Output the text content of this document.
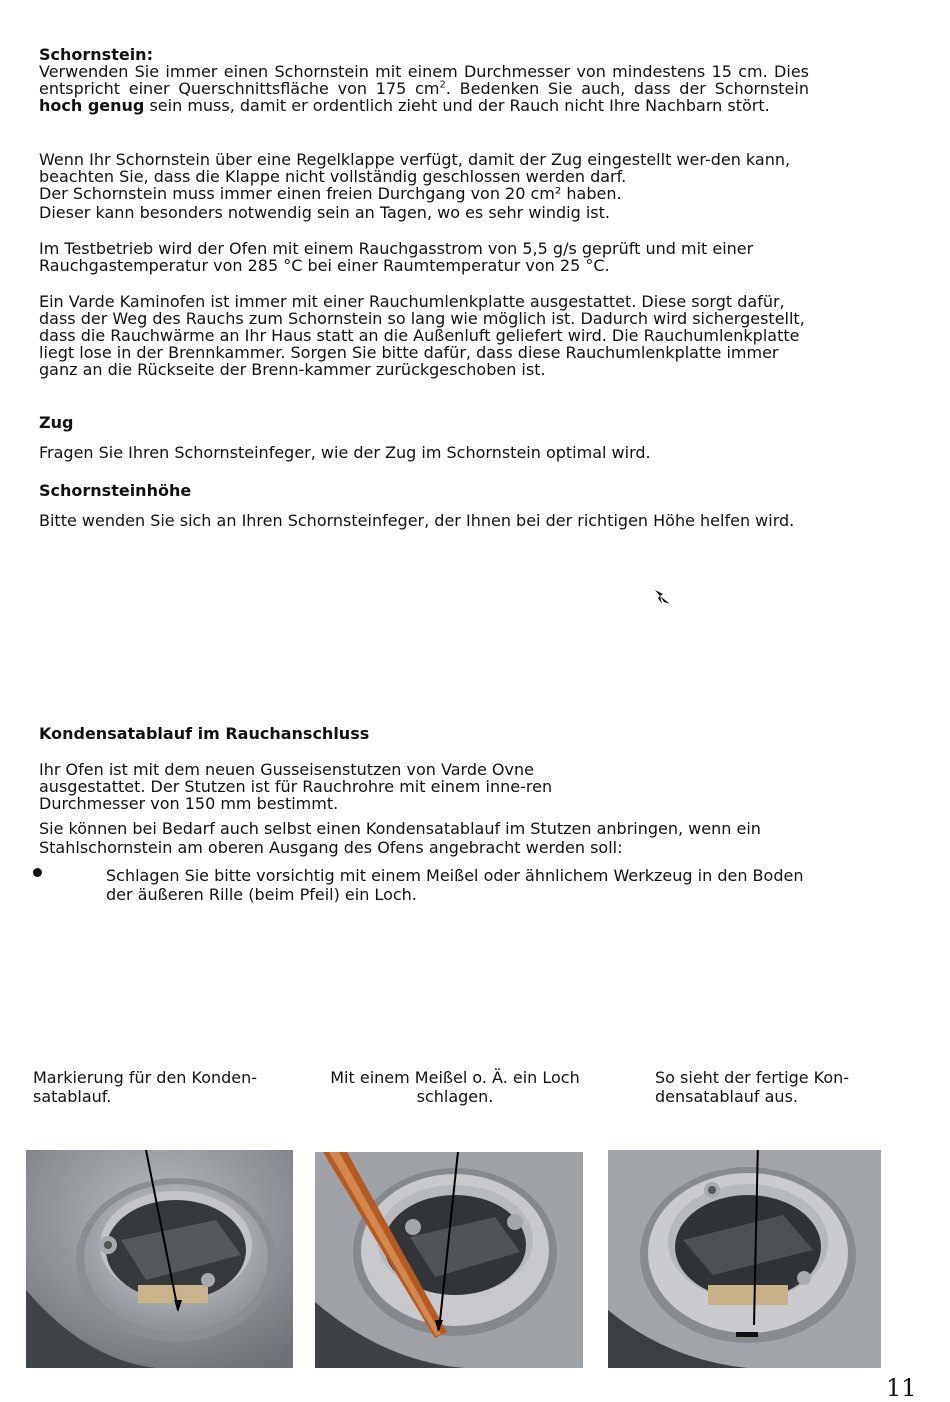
Schornstein:

Verwenden Sie immer einen Schornstein mit einem Durchmesser von mindestens 15 cm. Dies entspricht einer Querschnittsfläche von 175 $cm^2$. Bedenken Sie auch, dass der Schornstein hoch genug sein muss, damit er ordentlich zieht und der Rauch nicht Ihre Nachbarn stört.

Wenn Ihr Schornstein über eine Regelklappe verfügt, damit der Zug eingestellt wer-den kann, beachten Sie, dass die Klappe nicht vollständig geschlossen werden darf.

Der Schornstein muss immer einen freien Durchgang von 20 cm² haben.

Dieser kann besonders notwendig sein an Tagen, wo es sehr windig ist.

Im Testbetrieb wird der Ofen mit einem Rauchgasstrom von 5,5 g/s geprüft und mit einer Rauchgastemperatur von 285 °C bei einer Raumtemperatur von 25 °C.
Ein Varde Kaminofen ist immer mit einer Rauchumlenkplatte ausgestattet. Diese sorgt dafür, dass der Weg des Rauchs zum Schornstein so lang wie möglich ist. Dadurch wird sichergestellt, dass die Rauchwärme an Ihr Haus statt an die Außenluft geliefert wird. Die Rauchumlenkplatte liegt lose in der Brennkammer. Sorgen Sie bitte dafür, dass diese Rauchumlenkplatte immer ganz an die Rückseite der Brenn-kammer zurückgeschoben ist.
Zug

Fragen Sie Ihren Schornsteinfeger, wie der Zug im Schornstein optimal wird.

Schornsteinhöhe

Bitte wenden Sie sich an Ihren Schornsteinfeger, der Ihnen bei der richtigen Höhe helfen wird.

Kondensatablauf im Rauchanschluss
Ihr Ofen ist mit dem neuen Gusseisenstutzen von Varde Ovne ausgestattet. Der Stutzen ist für Rauchrohre mit einem inne-ren Durchmesser von 150 mm bestimmt.
Sie können bei Bedarf auch selbst einen Kondensatablauf im Stutzen anbringen, wenn ein Stahlschornstein am oberen Ausgang des Ofens angebracht werden soll:
Schlagen Sie bitte vorsichtig mit einem Meißel oder ähnlichem Werkzeug in den Boden der äußeren Rille (beim Pfeil) ein Loch.
Markierung für den Konden-satablauf.
Mit einem Meißel o. Ä. ein Loch schlagen.
So sieht der fertige Kon-densatablauf aus.
11
